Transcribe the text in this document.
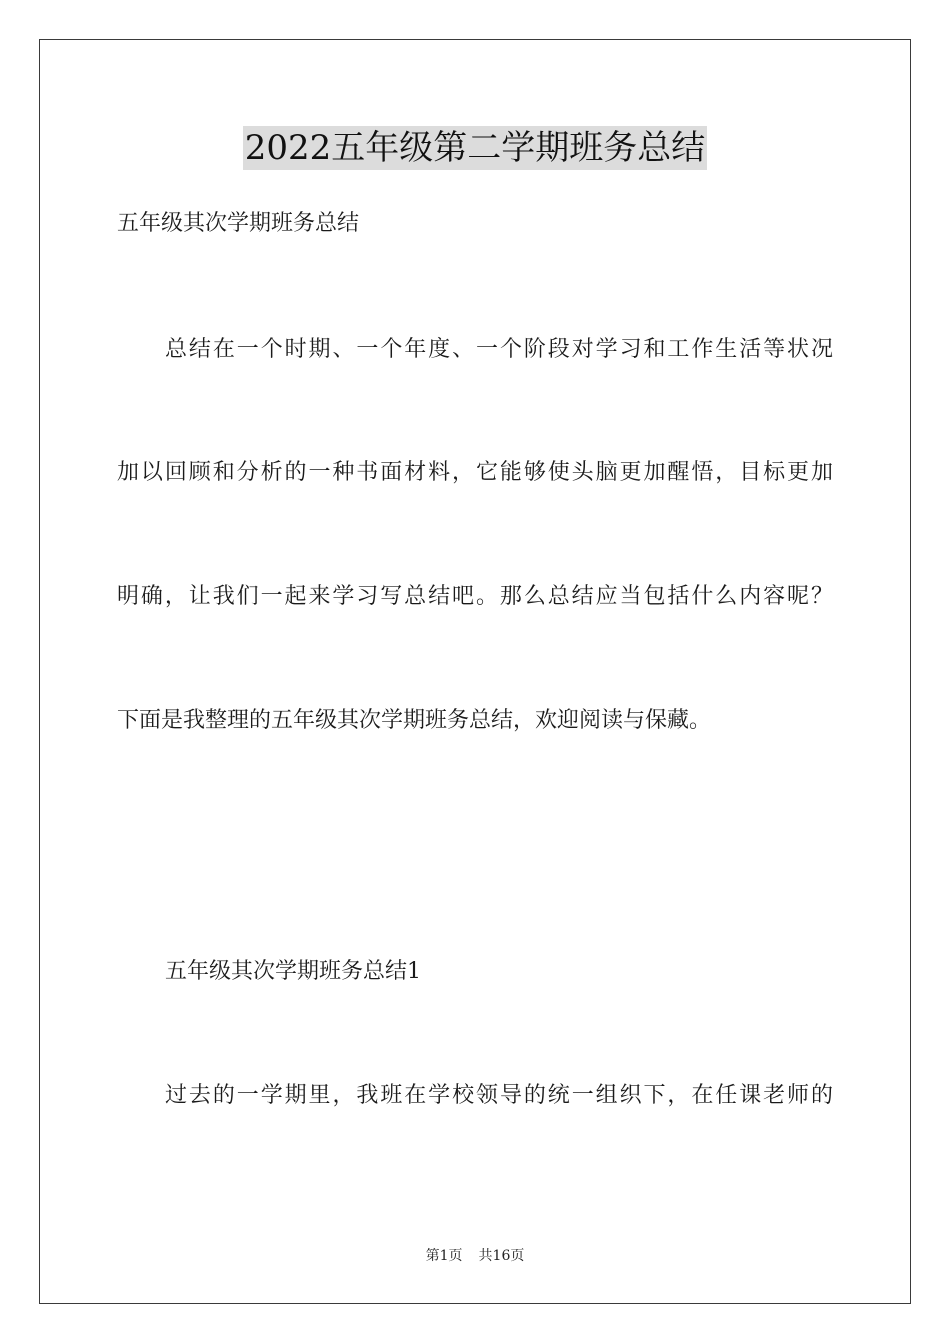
2022五年级第二学期班务总结
五年级其次学期班务总结
总结在一个时期、一个年度、一个阶段对学习和工作生活等状况
加以回顾和分析的一种书面材料，它能够使头脑更加醒悟，目标更加
明确，让我们一起来学习写总结吧。那么总结应当包括什么内容呢？
下面是我整理的五年级其次学期班务总结，欢迎阅读与保藏。
五年级其次学期班务总结1
过去的一学期里，我班在学校领导的统一组织下，在任课老师的
第1页 共16页
